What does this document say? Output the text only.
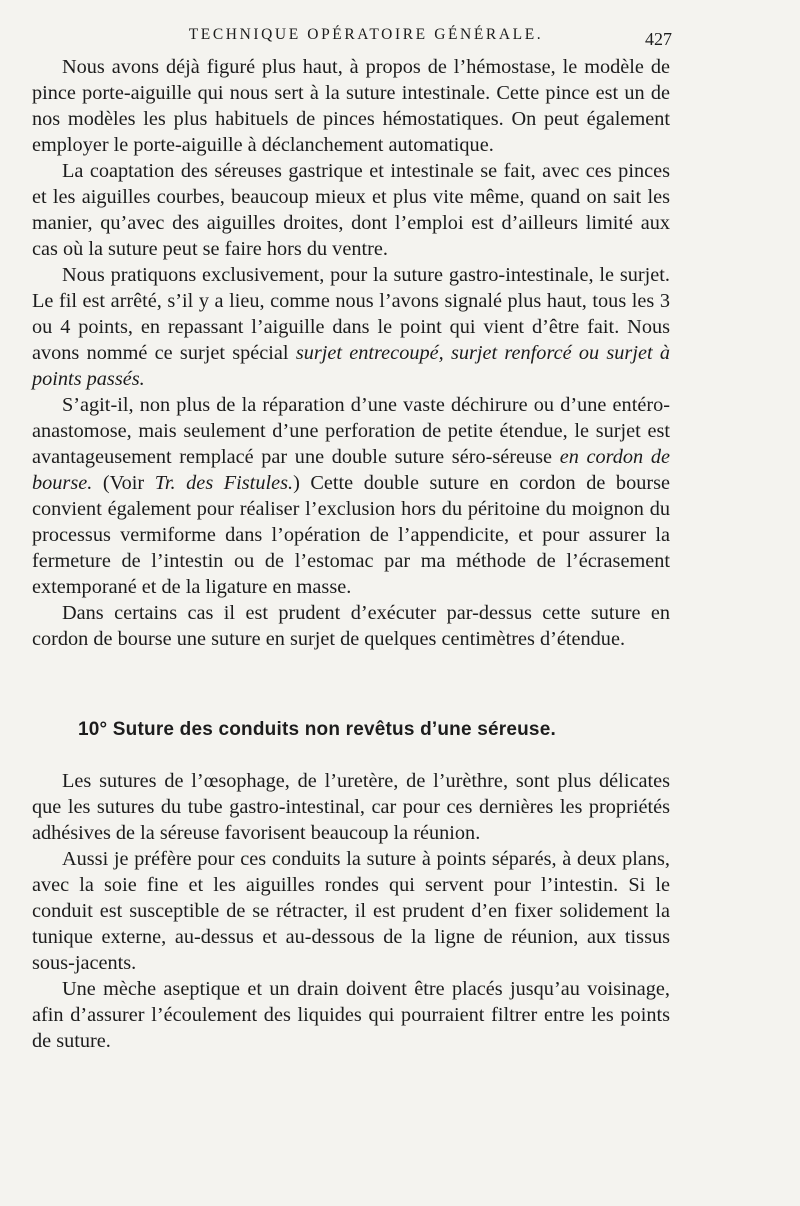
TECHNIQUE OPÉRATOIRE GÉNÉRALE.	427

Nous avons déjà figuré plus haut, à propos de l’hémostase, le modèle de pince porte-aiguille qui nous sert à la suture intestinale. Cette pince est un de nos modèles les plus habituels de pinces hémostatiques. On peut également employer le porte-aiguille à déclanchement automatique.

La coaptation des séreuses gastrique et intestinale se fait, avec ces pinces et les aiguilles courbes, beaucoup mieux et plus vite même, quand on sait les manier, qu’avec des aiguilles droites, dont l’emploi est d’ailleurs limité aux cas où la suture peut se faire hors du ventre.

Nous pratiquons exclusivement, pour la suture gastro-intestinale, le surjet. Le fil est arrêté, s’il y a lieu, comme nous l’avons signalé plus haut, tous les 3 ou 4 points, en repassant l’aiguille dans le point qui vient d’être fait. Nous avons nommé ce surjet spécial surjet entrecoupé, surjet renforcé ou surjet à points passés.

S’agit-il, non plus de la réparation d’une vaste déchirure ou d’une entéro-anastomose, mais seulement d’une perforation de petite étendue, le surjet est avantageusement remplacé par une double suture séro-séreuse en cordon de bourse. (Voir Tr. des Fistules.) Cette double suture en cordon de bourse convient également pour réaliser l’exclusion hors du péritoine du moignon du processus vermiforme dans l’opération de l’appendicite, et pour assurer la fermeture de l’intestin ou de l’estomac par ma méthode de l’écrasement extemporané et de la ligature en masse.

Dans certains cas il est prudent d’exécuter par-dessus cette suture en cordon de bourse une suture en surjet de quelques centimètres d’étendue.

10° Suture des conduits non revêtus d’une séreuse.

Les sutures de l’œsophage, de l’uretère, de l’urèthre, sont plus délicates que les sutures du tube gastro-intestinal, car pour ces dernières les propriétés adhésives de la séreuse favorisent beaucoup la réunion.

Aussi je préfère pour ces conduits la suture à points séparés, à deux plans, avec la soie fine et les aiguilles rondes qui servent pour l’intestin. Si le conduit est susceptible de se rétracter, il est prudent d’en fixer solidement la tunique externe, au-dessus et au-dessous de la ligne de réunion, aux tissus sous-jacents.

Une mèche aseptique et un drain doivent être placés jusqu’au voisinage, afin d’assurer l’écoulement des liquides qui pourraient filtrer entre les points de suture.
